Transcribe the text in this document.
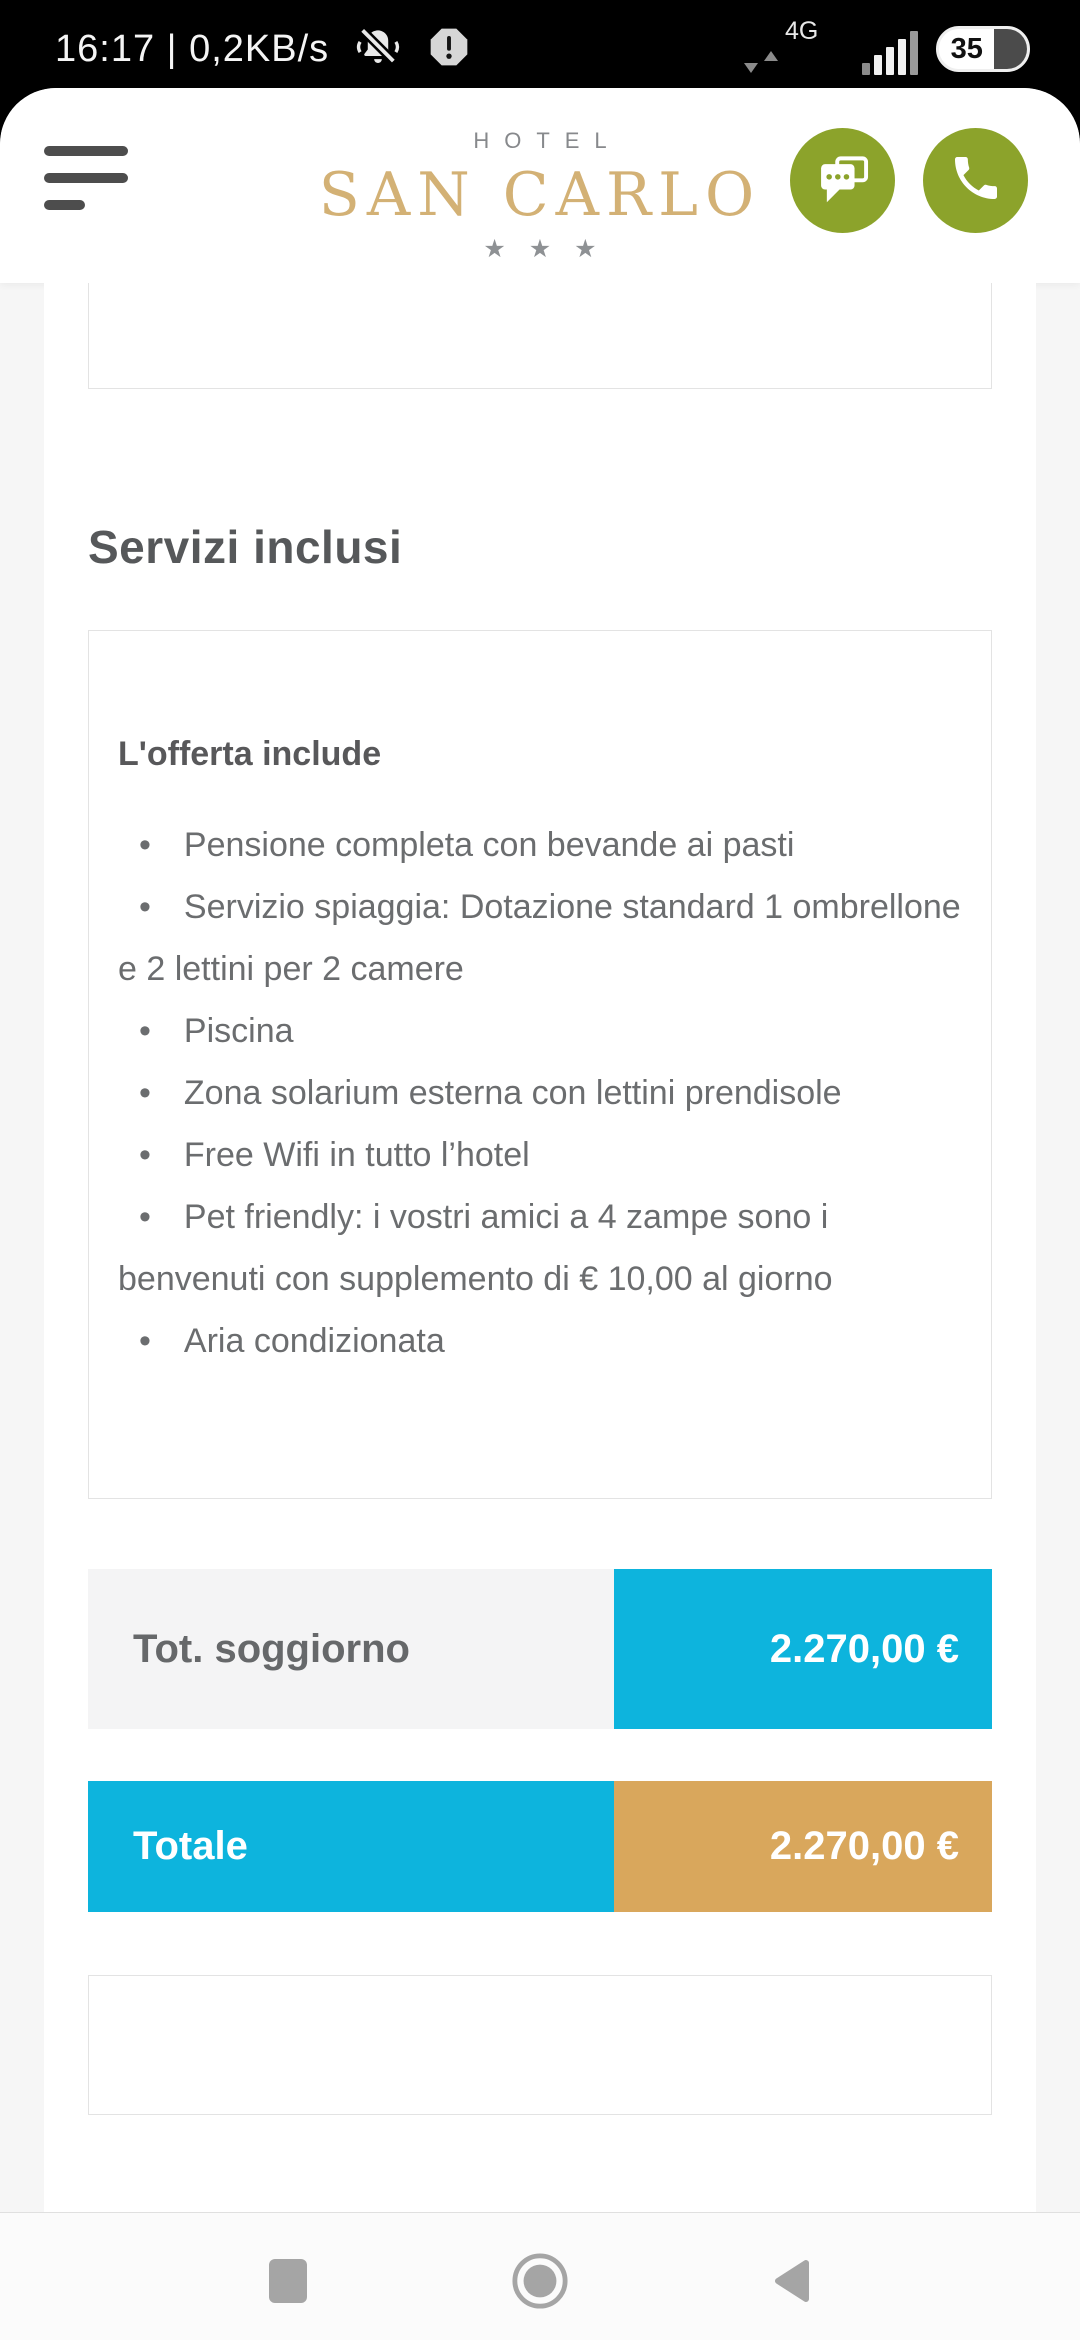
16:17 | 0,2KB/s	4G
35
HOTEL
SAN CARLO
★ ★ ★
Servizi inclusi

L'offerta include

• Pensione completa con bevande ai pasti
• Servizio spiaggia: Dotazione standard 1 ombrellone e 2 lettini per 2 camere
• Piscina
• Zona solarium esterna con lettini prendisole
• Free Wifi in tutto l’hotel
• Pet friendly: i vostri amici a 4 zampe sono i benvenuti con supplemento di € 10,00 al giorno
• Aria condizionata
Tot. soggiorno	2.270,00 €
Totale	2.270,00 €
